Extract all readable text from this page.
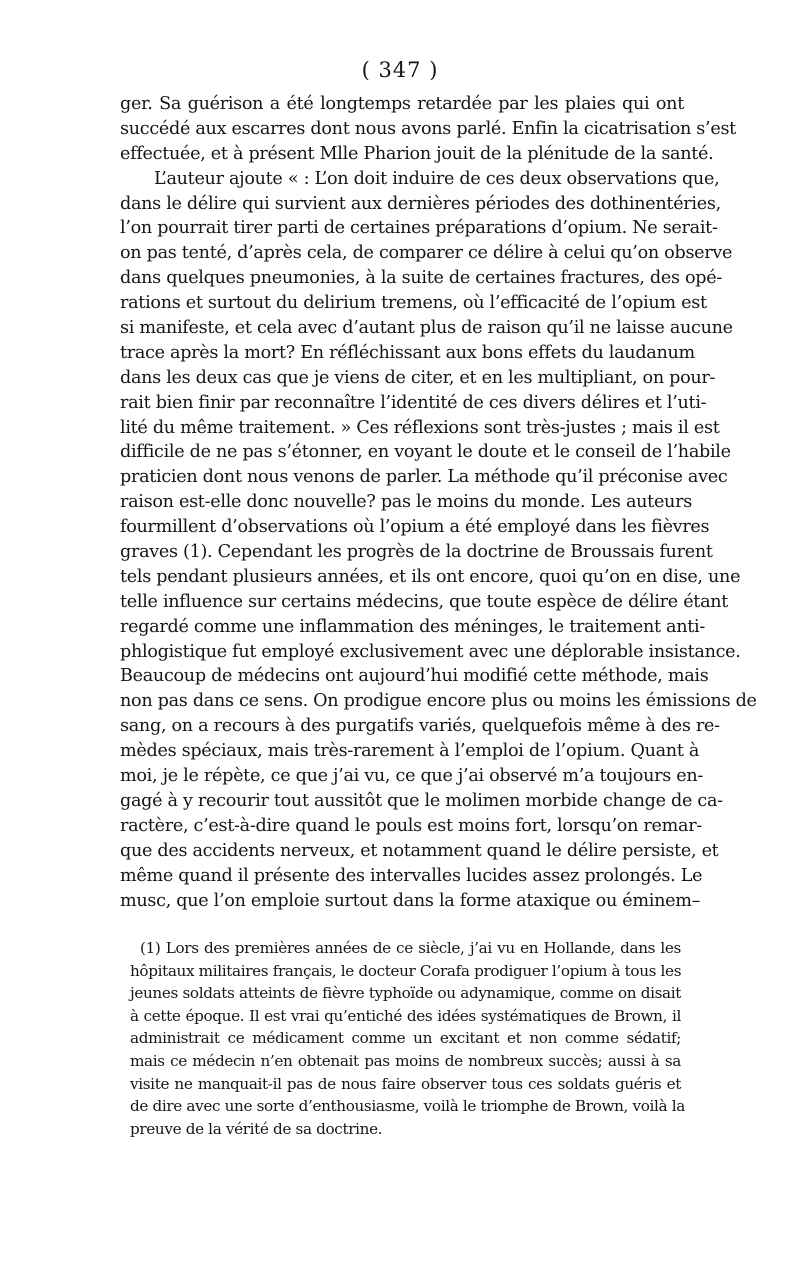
( 347 )
ger. Sa guérison a été longtemps retardée par les plaies qui ont
succédé aux escarres dont nous avons parlé. Enfin la cicatrisation s’est
effectuée, et à présent Mlle Pharion jouit de la plénitude de la santé.
L’auteur ajoute « : L’on doit induire de ces deux observations que,
dans le délire qui survient aux dernières périodes des dothinentéries,
l’on pourrait tirer parti de certaines préparations d’opium. Ne serait-
on pas tenté, d’après cela, de comparer ce délire à celui qu’on observe
dans quelques pneumonies, à la suite de certaines fractures, des opé-
rations et surtout du delirium tremens, où l’efficacité de l’opium est
si manifeste, et cela avec d’autant plus de raison qu’il ne laisse aucune
trace après la mort? En réfléchissant aux bons effets du laudanum
dans les deux cas que je viens de citer, et en les multipliant, on pour-
rait bien finir par reconnaître l’identité de ces divers délires et l’uti-
lité du même traitement. » Ces réflexions sont très-justes ; mais il est
difficile de ne pas s’étonner, en voyant le doute et le conseil de l’habile
praticien dont nous venons de parler. La méthode qu’il préconise avec
raison est-elle donc nouvelle? pas le moins du monde. Les auteurs
fourmillent d’observations où l’opium a été employé dans les fièvres
graves (1). Cependant les progrès de la doctrine de Broussais furent
tels pendant plusieurs années, et ils ont encore, quoi qu’on en dise, une
telle influence sur certains médecins, que toute espèce de délire étant
regardé comme une inflammation des méninges, le traitement anti-
phlogistique fut employé exclusivement avec une déplorable insistance.
Beaucoup de médecins ont aujourd’hui modifié cette méthode, mais
non pas dans ce sens. On prodigue encore plus ou moins les émissions de
sang, on a recours à des purgatifs variés, quelquefois même à des re-
mèdes spéciaux, mais très-rarement à l’emploi de l’opium. Quant à
moi, je le répète, ce que j’ai vu, ce que j’ai observé m’a toujours en-
gagé à y recourir tout aussitôt que le molimen morbide change de ca-
ractère, c’est-à-dire quand le pouls est moins fort, lorsqu’on remar-
que des accidents nerveux, et notamment quand le délire persiste, et
même quand il présente des intervalles lucides assez prolongés. Le
musc, que l’on emploie surtout dans la forme ataxique ou éminem–
(1) Lors des premières années de ce siècle, j’ai vu en Hollande, dans les
hôpitaux militaires français, le docteur Corafa prodiguer l’opium à tous les
jeunes soldats atteints de fièvre typhoïde ou adynamique, comme on disait
à cette époque. Il est vrai qu’entiché des idées systématiques de Brown, il
administrait ce médicament comme un excitant et non comme sédatif;
mais ce médecin n’en obtenait pas moins de nombreux succès; aussi à sa
visite ne manquait-il pas de nous faire observer tous ces soldats guéris et
de dire avec une sorte d’enthousiasme, voilà le triomphe de Brown, voilà la
preuve de la vérité de sa doctrine.
